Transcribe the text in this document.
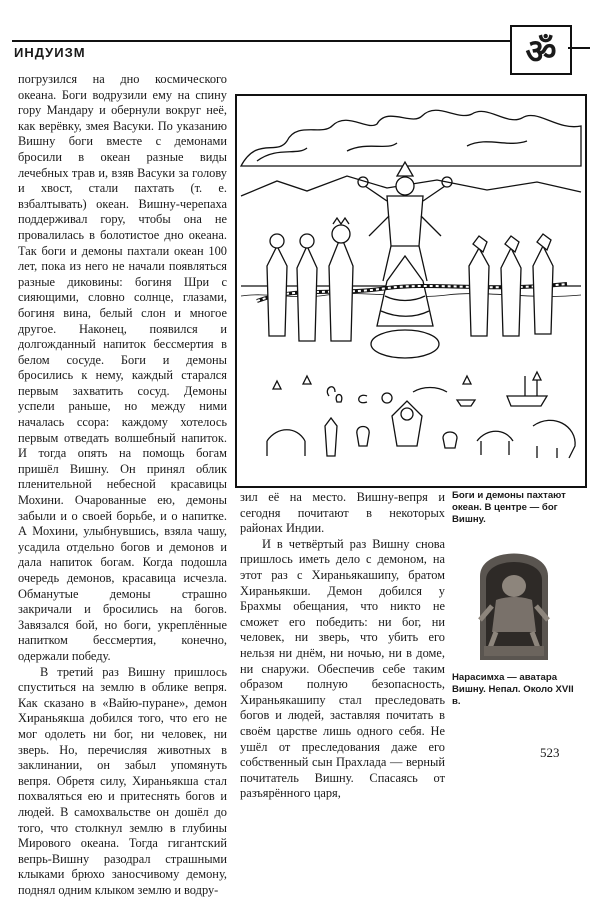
ИНДУИЗМ	ॐ

погрузился на дно космического океана. Боги водрузили ему на спину гору Мандару и обернули вокруг неё, как верёвку, змея Васуки. По указанию Вишну боги вместе с демонами бросили в океан разные виды лечебных трав и, взяв Васуки за голову и хвост, стали пахтать (т. е. взбалтывать) океан. Вишну-черепаха поддерживал гору, чтобы она не провалилась в болотистое дно океана. Так боги и демоны пахтали океан 100 лет, пока из него не начали появляться разные диковины: богиня Шри с сияющими, словно солнце, глазами, богиня вина, белый слон и многое другое. Наконец, появился и долгожданный напиток бессмертия в белом сосуде. Боги и демоны бросились к нему, каждый старался первым захватить сосуд. Демоны успели раньше, но между ними началась ссора: каждому хотелось первым отведать волшебный напиток. И тогда опять на помощь богам пришёл Вишну. Он принял облик пленительной небесной красавицы Мохини. Очарованные ею, демоны забыли и о своей борьбе, и о напитке. А Мохини, улыбнувшись, взяла чашу, усадила отдельно богов и демонов и дала напиток богам. Когда подошла очередь демонов, красавица исчезла. Обманутые демоны страшно закричали и бросились на богов. Завязался бой, но боги, укреплённые напитком бессмертия, конечно, одержали победу.

В третий раз Вишну пришлось спуститься на землю в облике вепря. Как сказано в «Вайю-пуране», демон Хираньякша добился того, что его не мог одолеть ни бог, ни человек, ни зверь. Но, перечисляя животных в заклинании, он забыл упомянуть вепря. Обретя силу, Хираньякша стал похваляться ею и притеснять богов и людей. В самохвальстве он дошёл до того, что столкнул землю в глубины Мирового океана. Тогда гигантский вепрь-Вишну разодрал страшными клыками брюхо заносчивому демону, поднял одним клыком землю и водру-

Боги и демоны пахтают океан. В центре — бог Вишну.

зил её на место. Вишну-вепря и сегодня почитают в некоторых районах Индии.

И в четвёртый раз Вишну снова пришлось иметь дело с демоном, на этот раз с Хираньякашипу, братом Хираньякши. Демон добился у Брахмы обещания, что никто не сможет его победить: ни бог, ни человек, ни зверь, что убить его нельзя ни днём, ни ночью, ни в доме, ни снаружи. Обеспечив себе таким образом полную безопасность, Хираньякашипу стал преследовать богов и людей, заставляя почитать в своём царстве лишь одного себя. Не ушёл от преследования даже его собственный сын Прахлада — верный почитатель Вишну. Спасаясь от разъярённого царя,

Нарасимха — аватара Вишну. Непал. Около XVII в.
523
